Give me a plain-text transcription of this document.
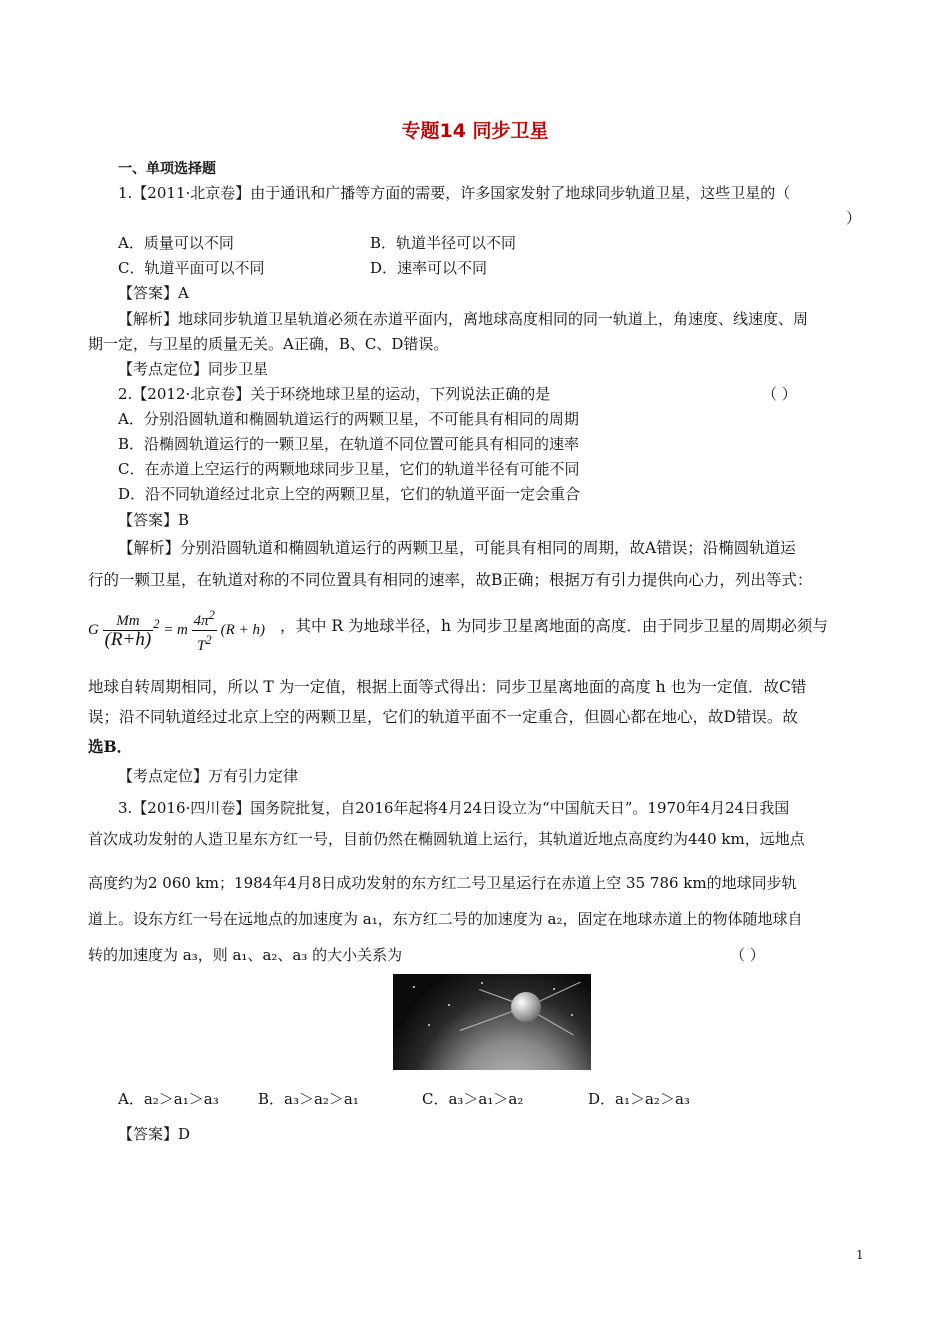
专题14 同步卫星
一、单项选择题
1.【2011·北京卷】由于通讯和广播等方面的需要，许多国家发射了地球同步轨道卫星，这些卫星的（
）
A．质量可以不同	B．轨道半径可以不同
C．轨道平面可以不同	D．速率可以不同
【答案】A
【解析】地球同步轨道卫星轨道必须在赤道平面内，离地球高度相同的同一轨道上，角速度、线速度、周
期一定，与卫星的质量无关。A正确，B、C、D错误。
【考点定位】同步卫星
2.【2012·北京卷】关于环绕地球卫星的运动，下列说法正确的是	（ ）
A．分别沿圆轨道和椭圆轨道运行的两颗卫星，不可能具有相同的周期
B．沿椭圆轨道运行的一颗卫星，在轨道不同位置可能具有相同的速率
C．在赤道上空运行的两颗地球同步卫星，它们的轨道半径有可能不同
D．沿不同轨道经过北京上空的两颗卫星，它们的轨道平面一定会重合
【答案】B
【解析】分别沿圆轨道和椭圆轨道运行的两颗卫星，可能具有相同的周期，故A错误；沿椭圆轨道运
行的一颗卫星，在轨道对称的不同位置具有相同的速率，故B正确；根据万有引力提供向心力，列出等式：
G $\frac{Mm}{(R+h)} ^2 = m \frac{4\pi^2}{T^2} (R + h)$ ，其中 R 为地球半径，h 为同步卫星离地面的高度．由于同步卫星的周期必须与
地球自转周期相同，所以 T 为一定值，根据上面等式得出：同步卫星离地面的高度 h 也为一定值．故C错
误；沿不同轨道经过北京上空的两颗卫星，它们的轨道平面不一定重合，但圆心都在地心，故D错误。故
选B．
【考点定位】万有引力定律
3.【2016·四川卷】国务院批复，自2016年起将4月24日设立为“中国航天日”。1970年4月24日我国
首次成功发射的人造卫星东方红一号，目前仍然在椭圆轨道上运行，其轨道近地点高度约为440 km，远地点
高度约为2 060 km；1984年4月8日成功发射的东方红二号卫星运行在赤道上空 35 786 km的地球同步轨
道上。设东方红一号在远地点的加速度为 a₁，东方红二号的加速度为 a₂，固定在地球赤道上的物体随地球自
转的加速度为 a₃，则 a₁、a₂、a₃ 的大小关系为	（ ）
A．a₂＞a₁＞a₃	B．a₃＞a₂＞a₁	C．a₃＞a₁＞a₂	D．a₁＞a₂＞a₃
【答案】D
1
